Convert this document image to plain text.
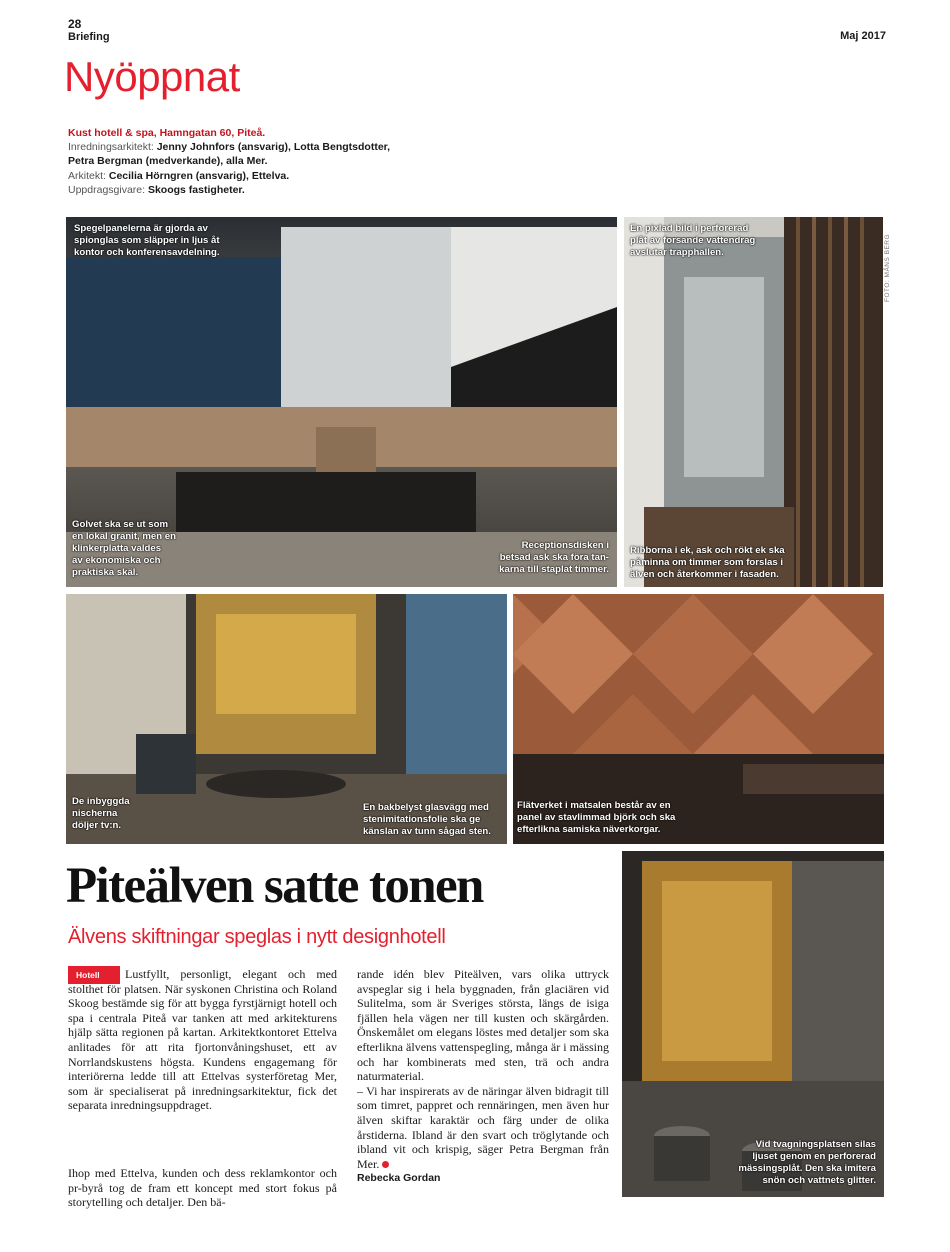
28
Briefing	Maj 2017
Nyöppnat
Kust hotell & spa, Hamngatan 60, Piteå.
Inredningsarkitekt: Jenny Johnfors (ansvarig), Lotta Bengtsdotter,
Petra Bergman (medverkande), alla Mer.
Arkitekt: Cecilia Hörngren (ansvarig), Ettelva.
Uppdragsgivare: Skoogs fastigheter.
FOTO: MÅNS BERG
Spegelpanelerna är gjorda av
spionglas som släpper in ljus åt
kontor och konferensavdelning.
Golvet ska se ut som
en lokal granit, men en
klinkerplatta valdes
av ekonomiska och
praktiska skäl.
Receptionsdisken i
betsad ask ska föra tan-
karna till staplat timmer.
En pixlad bild i perforerad
plåt av forsande vattendrag
avslutar trapphallen.
Ribborna i ek, ask och rökt ek ska
påminna om timmer som forslas i
älven och återkommer i fasaden.
De inbyggda
nischerna
döljer tv:n.
En bakbelyst glasvägg med
stenimitationsfolie ska ge
känslan av tunn sågad sten.
Flätverket i matsalen består av en
panel av stavlimmad björk och ska
efterlikna samiska näverkorgar.
Vid tvagningsplatsen silas
ljuset genom en perforerad
mässingsplåt. Den ska imitera
snön och vattnets glitter.
Piteälven satte tonen
Älvens skiftningar speglas i nytt designhotell
Hotell	Lustfyllt, personligt, elegant och med stolthet för platsen. När syskonen Christina och Roland Skoog bestämde sig för att bygga fyrstjärnigt hotell och spa i centrala Piteå var tanken att med arkitekturens hjälp sätta regionen på kartan. Arkitektkontoret Ettelva anlitades för att rita fjortonvåningshuset, ett av Norrlandskustens högsta. Kundens engagemang för interiörerna ledde till att Ettelvas systerföretag Mer, som är specialiserat på inredningsarkitektur, fick det separata inredningsuppdraget.

Ihop med Ettelva, kunden och dess reklamkontor och pr-byrå tog de fram ett koncept med stort fokus på storytelling och detaljer. Den bä-

rande idén blev Piteälven, vars olika uttryck avspeglar sig i hela byggnaden, från glaciären vid Sulitelma, som är Sveriges största, längs de isiga fjällen hela vägen ner till kusten och skärgården. Önskemålet om elegans löstes med detaljer som ska efterlikna älvens vattenspegling, många är i mässing och har kombinerats med sten, trä och andra naturmaterial.

– Vi har inspirerats av de näringar älven bidragit till som timret, pappret och rennäringen, men även hur älven skiftar karaktär och färg under de olika årstiderna. Ibland är den svart och tröglytande och ibland vit och krispig, säger Petra Bergman från Mer.

Rebecka Gordan
